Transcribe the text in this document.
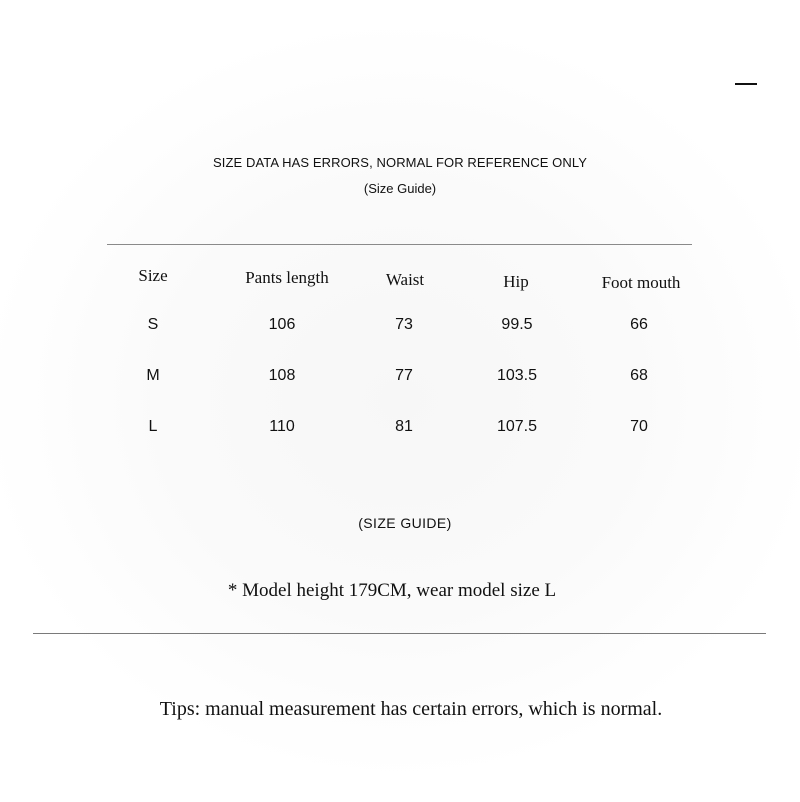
SIZE DATA HAS ERRORS, NORMAL FOR REFERENCE ONLY
(Size Guide)
Size	Pants length	Waist	Hip	Foot mouth
S	106	73	99.5	66
M	108	77	103.5	68
L	110	81	107.5	70
(SIZE GUIDE)
* Model height 179CM, wear model size L
Tips: manual measurement has certain errors, which is normal.
